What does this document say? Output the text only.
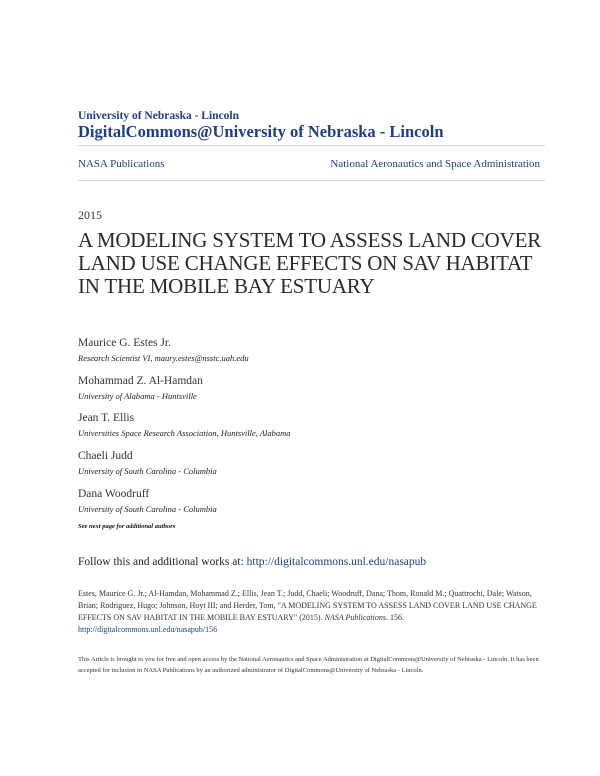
University of Nebraska - Lincoln
DigitalCommons@University of Nebraska - Lincoln
NASA Publications	National Aeronautics and Space Administration
2015
A MODELING SYSTEM TO ASSESS LAND COVER LAND USE CHANGE EFFECTS ON SAV HABITAT IN THE MOBILE BAY ESTUARY
Maurice G. Estes Jr.
Research Scientist VI, maury.estes@nsstc.uah.edu
Mohammad Z. Al-Hamdan
University of Alabama - Huntsville
Jean T. Ellis
Universities Space Research Association, Huntsville, Alabama
Chaeli Judd
University of South Carolina - Columbia
Dana Woodruff
University of South Carolina - Columbia
See next page for additional authors
Follow this and additional works at: http://digitalcommons.unl.edu/nasapub
Estes, Maurice G. Jr.; Al-Hamdan, Mohammad Z.; Ellis, Jean T.; Judd, Chaeli; Woodruff, Dana; Thom, Ronald M.; Quattrochi, Dale; Watson, Brian; Rodriguez, Hugo; Johnson, Hoyt III; and Herder, Tom, "A MODELING SYSTEM TO ASSESS LAND COVER LAND USE CHANGE EFFECTS ON SAV HABITAT IN THE MOBILE BAY ESTUARY" (2015). NASA Publications. 156.
http://digitalcommons.unl.edu/nasapub/156
This Article is brought to you for free and open access by the National Aeronautics and Space Administration at DigitalCommons@University of Nebraska - Lincoln. It has been accepted for inclusion in NASA Publications by an authorized administrator of DigitalCommons@University of Nebraska - Lincoln.
